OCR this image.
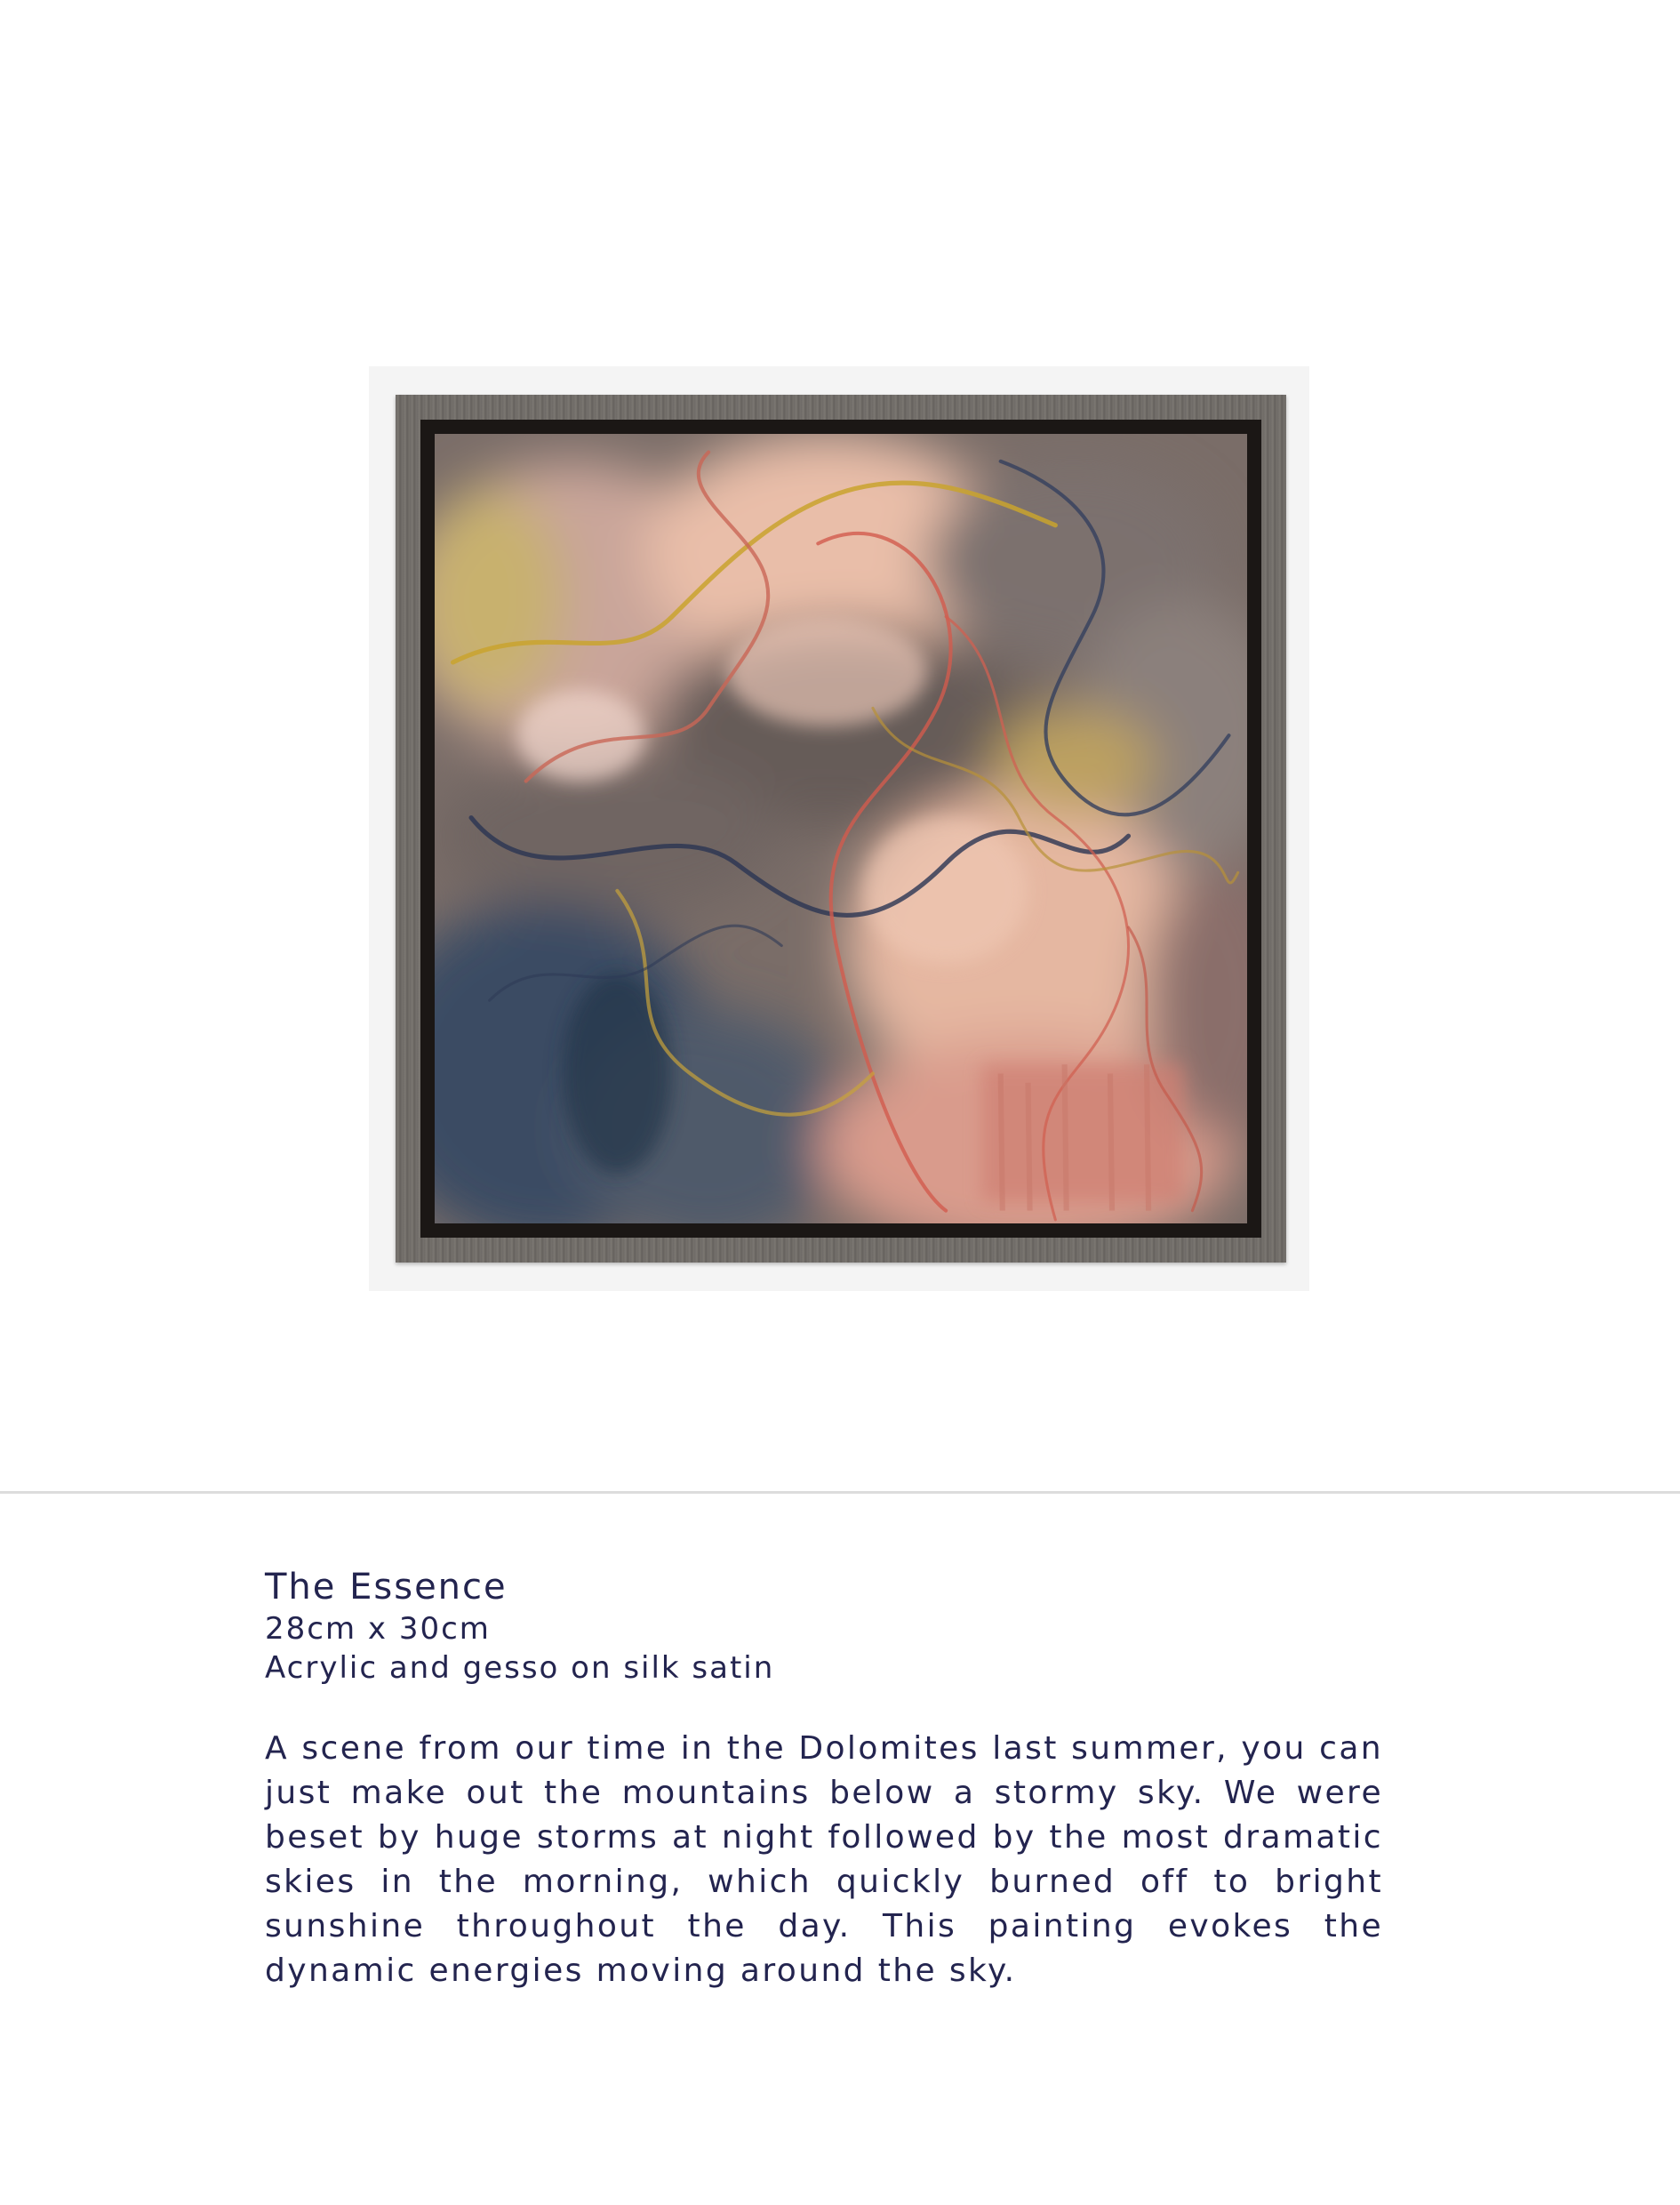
The Essence

28cm x 30cm

Acrylic and gesso on silk satin

A scene from our time in the Dolomites last summer, you can just make out the mountains below a stormy sky. We were beset by huge storms at night followed by the most dramatic skies in the morning, which quickly burned off to bright sunshine throughout the day. This painting evokes the dynamic energies moving around the sky.
